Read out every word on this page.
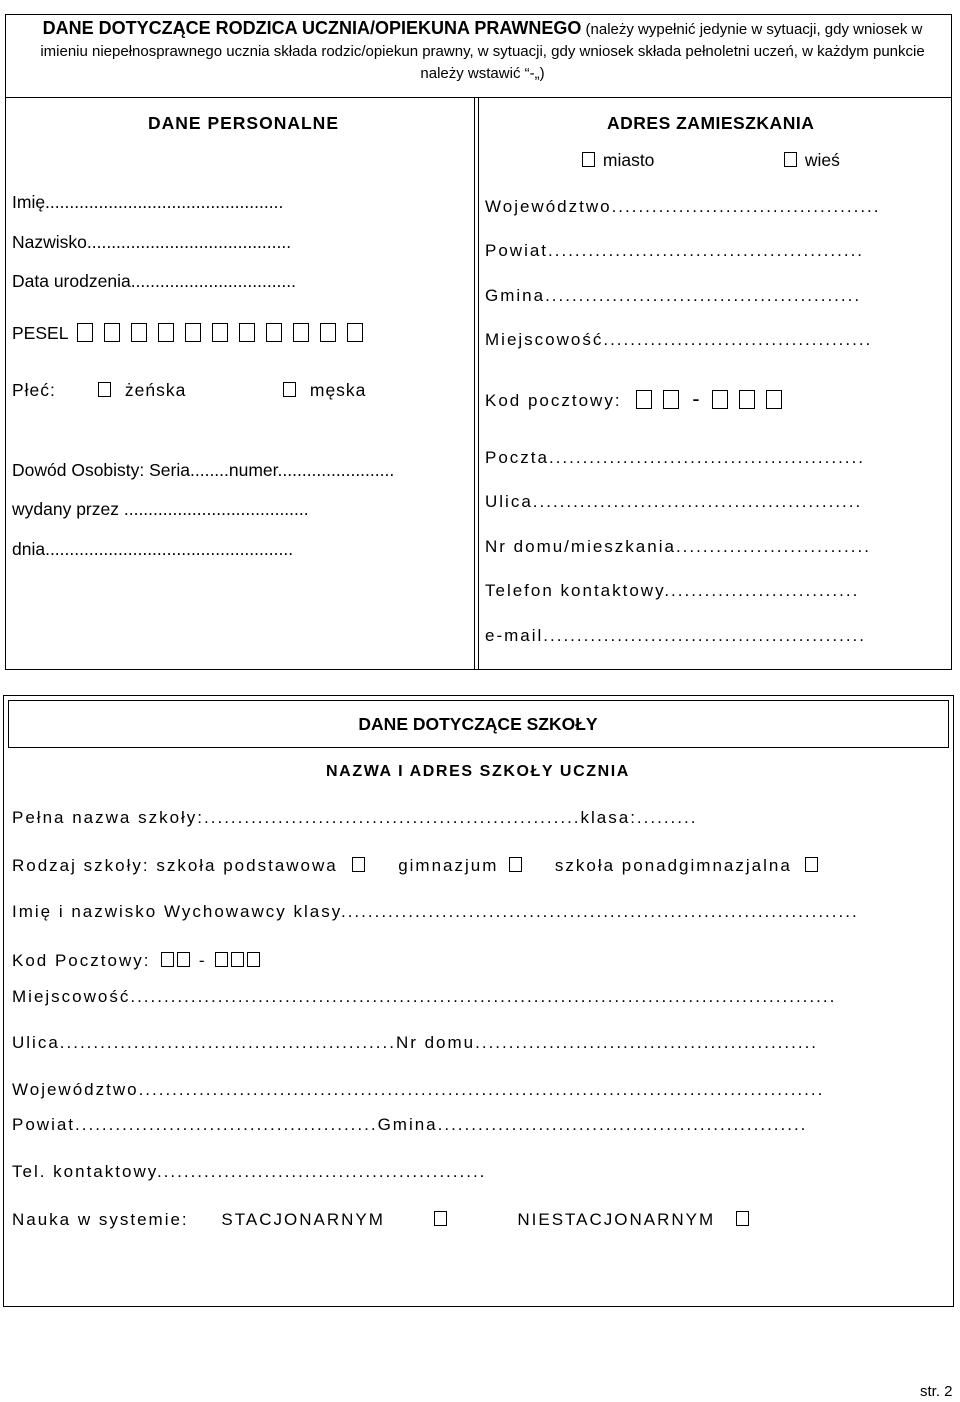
DANE DOTYCZĄCE RODZICA UCZNIA/OPIEKUNA PRAWNEGO (należy wypełnić jedynie w sytuacji, gdy wniosek w imieniu niepełnosprawnego ucznia składa rodzic/opiekun prawny, w sytuacji, gdy wniosek składa pełnoletni uczeń, w każdym punkcie należy wstawić “-„)
DANE PERSONALNE
Imię.................................................
Nazwisko..........................................
Data urodzenia..................................
PESEL
Płeć:	żeńska	męska
Dowód Osobisty: Seria........numer........................
wydany przez ......................................
dnia...................................................
ADRES ZAMIESZKANIA
miasto	wieś
Województwo........................................
Powiat...............................................
Gmina...............................................
Miejscowość........................................
Kod pocztowy:	-
Poczta...............................................
Ulica.................................................
Nr domu/mieszkania.............................
Telefon kontaktowy.............................
e-mail................................................
DANE DOTYCZĄCE SZKOŁY
NAZWA I ADRES SZKOŁY UCZNIA
Pełna nazwa szkoły:........................................................klasa:.........
Rodzaj szkoły: szkoła podstawowa	gimnazjum	szkoła ponadgimnazjalna
Imię i nazwisko Wychowawcy klasy.............................................................................
Kod Pocztowy:	-
Miejscowość.........................................................................................................
Ulica..................................................Nr domu...................................................
Województwo......................................................................................................
Powiat.............................................Gmina.......................................................
Tel. kontaktowy.................................................
Nauka w systemie: STACJONARNYM	NIESTACJONARNYM
str. 2
